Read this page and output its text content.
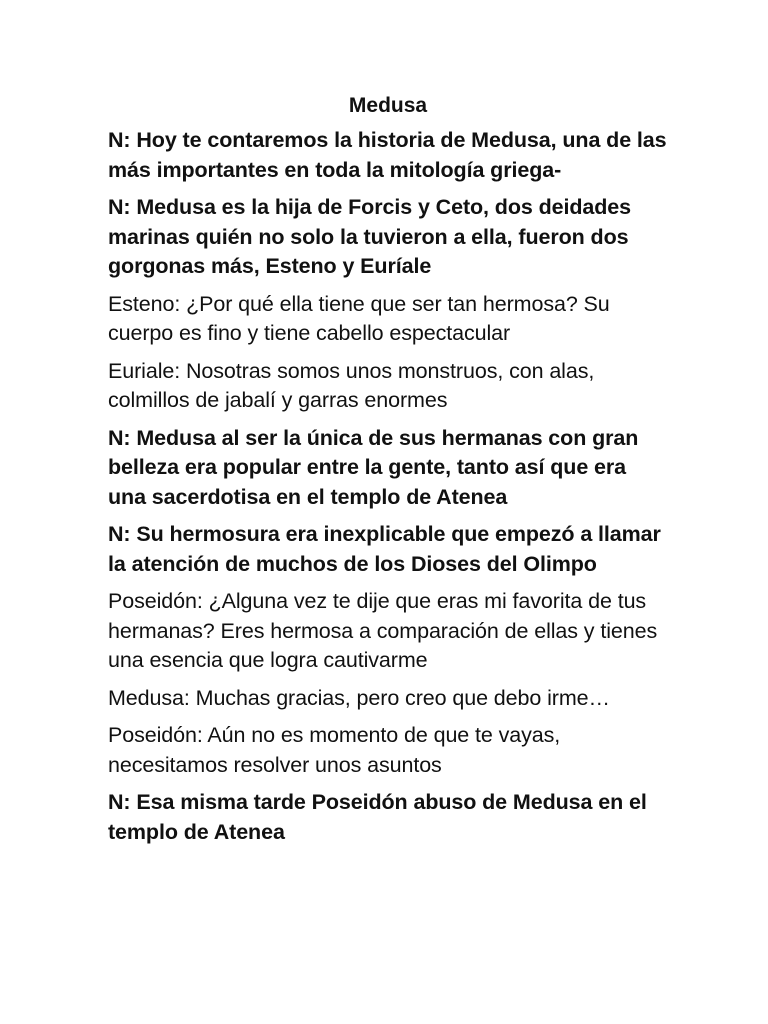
Medusa

N: Hoy te contaremos la historia de Medusa, una de las más importantes en toda la mitología griega-

N: Medusa es la hija de Forcis y Ceto, dos deidades marinas quién no solo la tuvieron a ella, fueron dos gorgonas más, Esteno y Euríale

Esteno: ¿Por qué ella tiene que ser tan hermosa? Su cuerpo es fino y tiene cabello espectacular

Euriale: Nosotras somos unos monstruos, con alas, colmillos de jabalí y garras enormes

N: Medusa al ser la única de sus hermanas con gran belleza era popular entre la gente, tanto así que era una sacerdotisa en el templo de Atenea

N: Su hermosura era inexplicable que empezó a llamar la atención de muchos de los Dioses del Olimpo

Poseidón: ¿Alguna vez te dije que eras mi favorita de tus hermanas? Eres hermosa a comparación de ellas y tienes una esencia que logra cautivarme

Medusa: Muchas gracias, pero creo que debo irme…

Poseidón: Aún no es momento de que te vayas, necesitamos resolver unos asuntos

N: Esa misma tarde Poseidón abuso de Medusa en el templo de Atenea
